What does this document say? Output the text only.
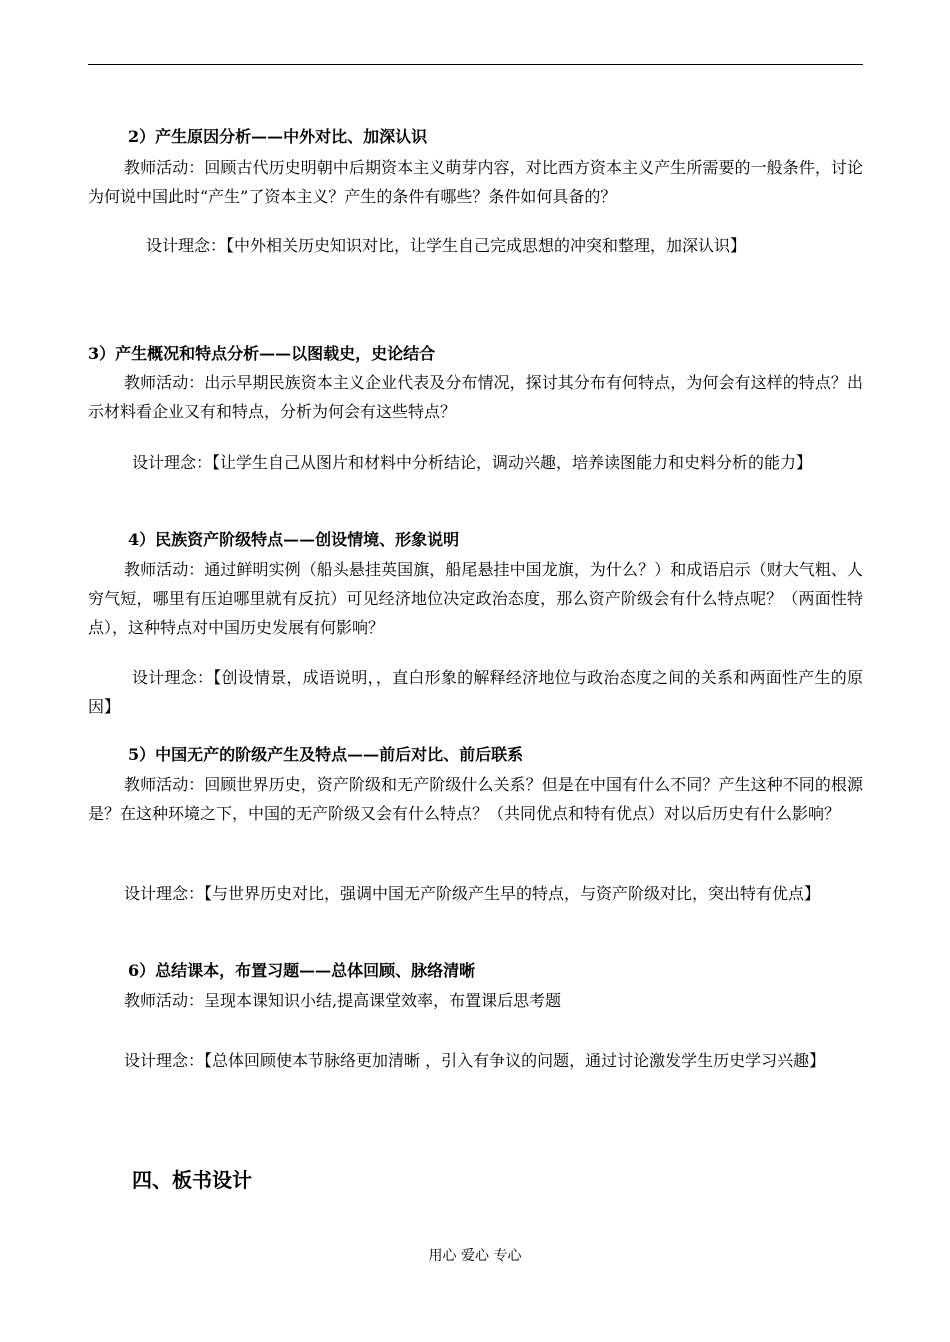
2）产生原因分析——中外对比、加深认识
教师活动：回顾古代历史明朝中后期资本主义萌芽内容，对比西方资本主义产生所需要的一般条件，讨论为何说中国此时“产生”了资本主义？产生的条件有哪些？条件如何具备的？
设计理念：【中外相关历史知识对比，让学生自己完成思想的冲突和整理，加深认识】
3）产生概况和特点分析——以图载史，史论结合
教师活动：出示早期民族资本主义企业代表及分布情况，探讨其分布有何特点，为何会有这样的特点？出示材料看企业又有和特点，分析为何会有这些特点？
设计理念：【让学生自己从图片和材料中分析结论，调动兴趣，培养读图能力和史料分析的能力】
4）民族资产阶级特点——创设情境、形象说明
教师活动：通过鲜明实例（船头悬挂英国旗，船尾悬挂中国龙旗，为什么？）和成语启示（财大气粗、人穷气短，哪里有压迫哪里就有反抗）可见经济地位决定政治态度，那么资产阶级会有什么特点呢？（两面性特点），这种特点对中国历史发展有何影响？
设计理念：【创设情景，成语说明，，直白形象的解释经济地位与政治态度之间的关系和两面性产生的原因】
5）中国无产的阶级产生及特点——前后对比、前后联系
教师活动：回顾世界历史，资产阶级和无产阶级什么关系？但是在中国有什么不同？产生这种不同的根源是？在这种环境之下，中国的无产阶级又会有什么特点？（共同优点和特有优点）对以后历史有什么影响？
设计理念：【与世界历史对比，强调中国无产阶级产生早的特点，与资产阶级对比，突出特有优点】
6）总结课本，布置习题——总体回顾、脉络清晰
教师活动：呈现本课知识小结,提高课堂效率，布置课后思考题
设计理念：【总体回顾使本节脉络更加清晰 ，引入有争议的问题，通过讨论激发学生历史学习兴趣】
四、板书设计
用心 爱心 专心
